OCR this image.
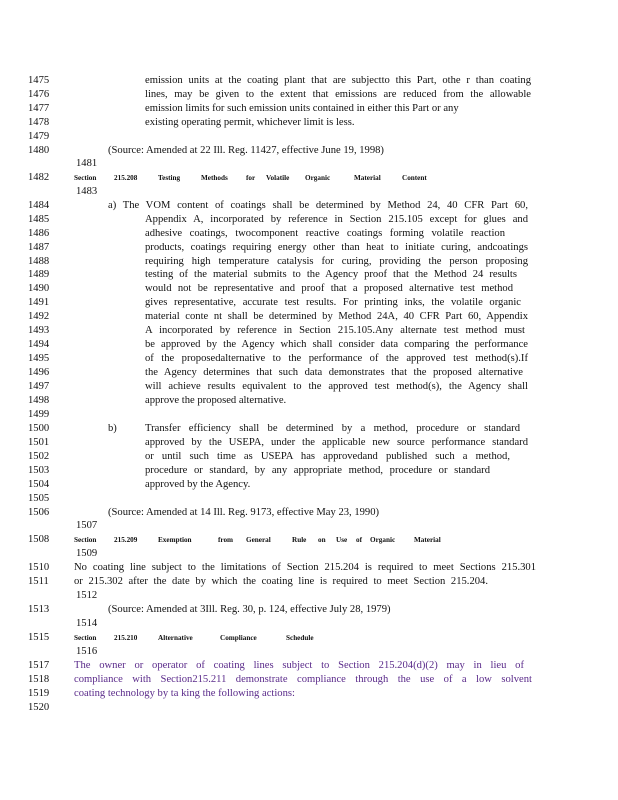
1475	emission units at the coating plant that are subjectto this Part, othe r than coating
1476	lines, may be given to the extent that emissions are reduced from the allowable
1477	emission limits for such emission units contained in either this Part or any
1478	existing operating permit, whichever limit is less.
1479
1480	(Source: Amended at 22 Ill. Reg. 11427, effective June 19, 1998)
1481
1482	Section 215.208	Testing	Methods	for Volatile Organic	Material	Content
1483
1484	a) The VOM content of coatings shall be determined by Method 24, 40 CFR Part 60,
1485	Appendix A, incorporated by reference in Section 215.105 except for glues and
1486	adhesive coatings, twocomponent reactive coatings forming volatile reaction
1487	products, coatings requiring energy other than heat to initiate curing, andcoatings
1488	requiring high temperature catalysis for curing, providing the person proposing
1489	testing of the material submits to the Agency proof that the Method 24 results
1490	would not be representative and proof that a proposed alternative test method
1491	gives representative, accurate test results. For printing inks, the volatile organic
1492	material conte nt shall be determined by Method 24A, 40 CFR Part 60, Appendix
1493	A incorporated by reference in Section 215.105.Any alternate test method must
1494	be approved by the Agency which shall consider data comparing the performance
1495	of the proposedalternative to the performance of the approved test method(s).If
1496	the Agency determines that such data demonstrates that the proposed alternative
1497	will achieve results equivalent to the approved test method(s), the Agency shall
1498	approve the proposed alternative.
1499
1500	b)	Transfer efficiency shall be determined by a method, procedure or standard
1501	approved by the USEPA, under the applicable new source performance standard
1502	or until such time as USEPA has approvedand published such a method,
1503	procedure or standard, by any appropriate method, procedure or standard
1504	approved by the Agency.
1505
1506	(Source: Amended at 14 Ill. Reg. 9173, effective May 23, 1990)
1507
1508	Section 215.209	Exemption	from General	Rule on Use of Organic	Material
1509
1510	No coating line subject to the limitations of Section 215.204 is required to meet Sections 215.301
1511	or 215.302 after the date by which the coating line is required to meet Section 215.204.
1512
1513	(Source: Amended at 3Ill. Reg. 30, p. 124, effective July 28, 1979)
1514
1515	Section 215.210	Alternative	Compliance	Schedule
1516
1517	The owner or operator of coating lines subject to Section 215.204(d)(2) may in lieu of
1518	compliance with Section215.211 demonstrate compliance through the use of a low solvent
1519	coating technology by ta king the following actions:
1520
